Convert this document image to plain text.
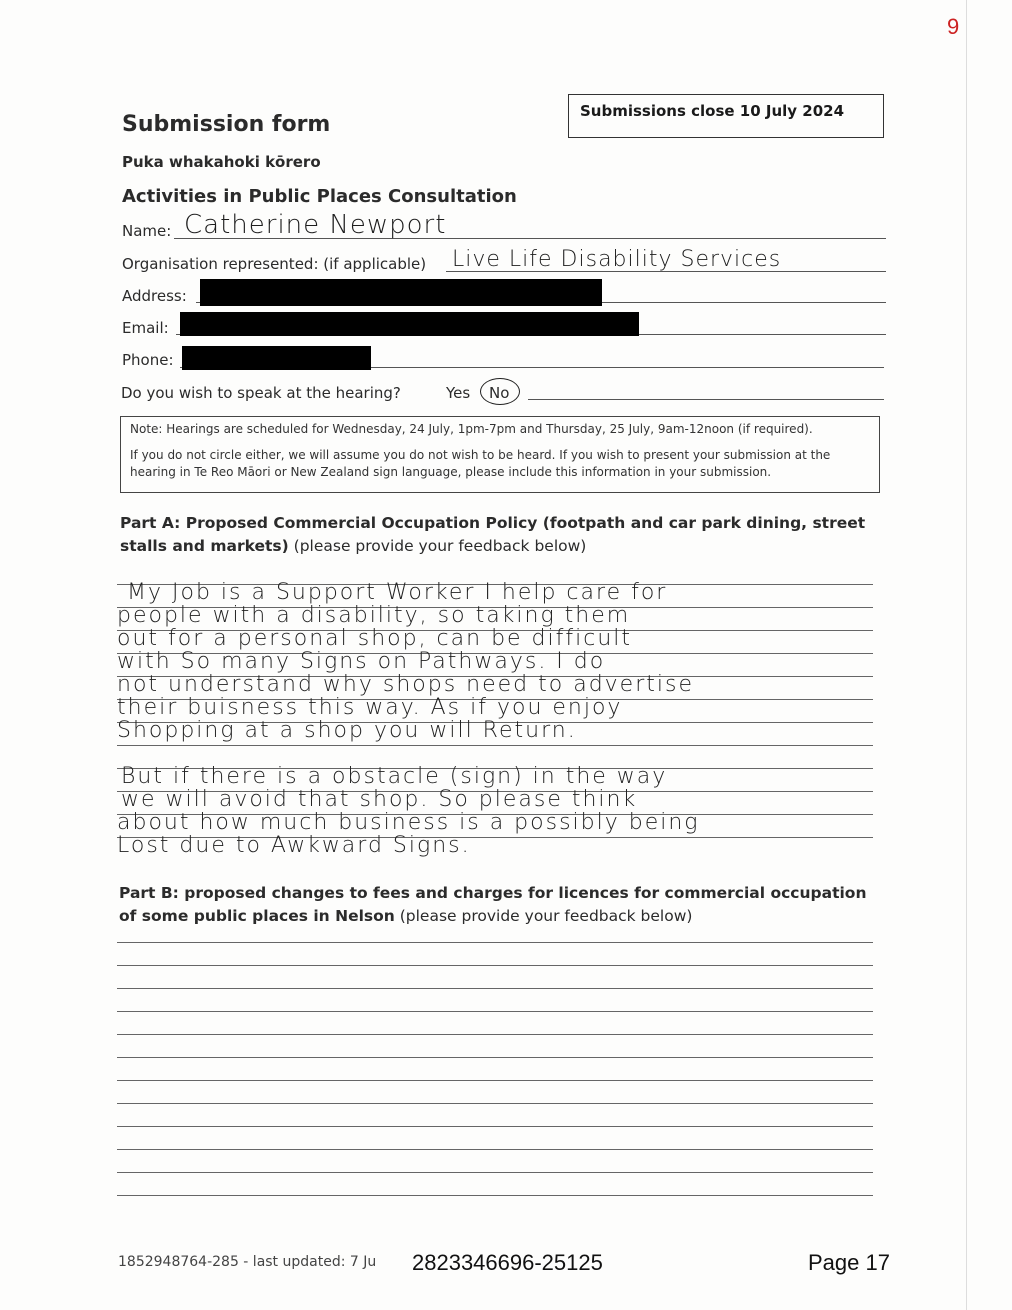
9
Submission form
Puka whakahoki kōrero
Activities in Public Places Consultation
Submissions close 10 July 2024
Name: Catherine Newport
Organisation represented: (if applicable) Live Life Disability Services
Address:
Email:
Phone:
Do you wish to speak at the hearing?	Yes No

Note: Hearings are scheduled for Wednesday, 24 July, 1pm-7pm and Thursday, 25 July, 9am-12noon (if required).

If you do not circle either, we will assume you do not wish to be heard. If you wish to present your submission at the hearing in Te Reo Māori or New Zealand sign language, please include this information in your submission.

Part A: Proposed Commercial Occupation Policy (footpath and car park dining, street stalls and markets) (please provide your feedback below)
My Job is a Support Worker I help care for
people with a disability, so taking them
out for a personal shop, can be difficult
with So many Signs on Pathways. I do
not understand why shops need to advertise
their buisness this way. As if you enjoy
Shopping at a shop you will Return.
But if there is a obstacle (sign) in the way
we will avoid that shop. So please think
about how much business is a possibly being
Lost due to Awkward Signs.
Part B: proposed changes to fees and charges for licences for commercial occupation of some public places in Nelson (please provide your feedback below)
1852948764-285 - last updated: 7 Ju 2823346696-25125	Page 17
